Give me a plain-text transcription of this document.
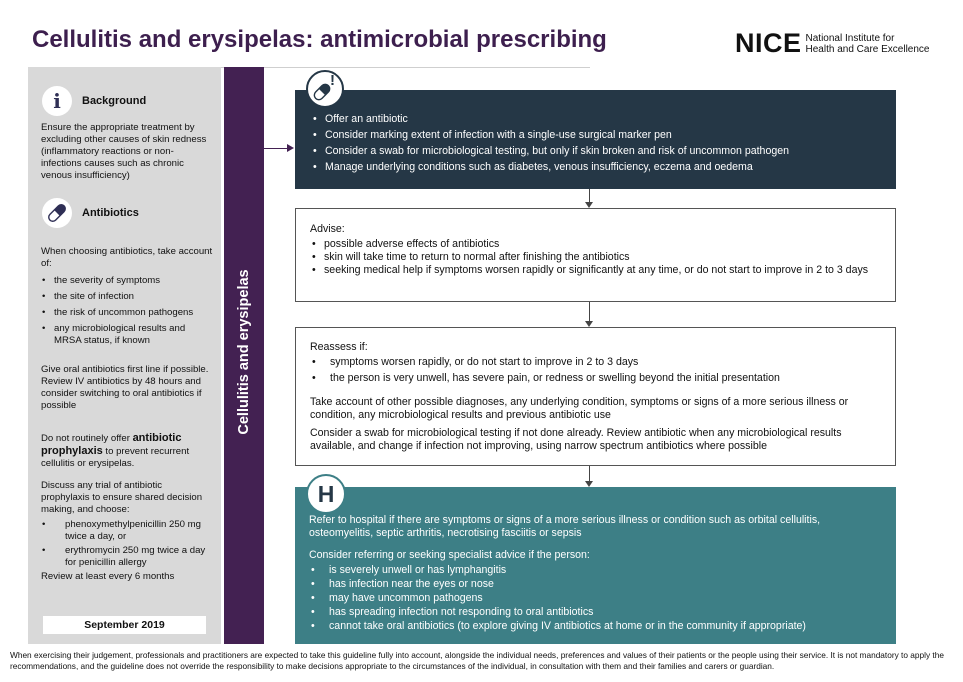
Cellulitis and erysipelas: antimicrobial prescribing	NICE National Institute for
Health and Care Excellence
i Background

Ensure the appropriate treatment by excluding other causes of skin redness (inflammatory reactions or non-infections causes such as chronic venous insufficiency)

Antibiotics

When choosing antibiotics, take account of:

• the severity of symptoms
• the site of infection
• the risk of uncommon pathogens
• any microbiological results and MRSA status, if known

Give oral antibiotics first line if possible. Review IV antibiotics by 48 hours and consider switching to oral antibiotics if possible

Do not routinely offer antibiotic prophylaxis to prevent recurrent cellulitis or erysipelas.

Discuss any trial of antibiotic prophylaxis to ensure shared decision making, and choose:

• phenoxymethylpenicillin 250 mg twice a day, or
• erythromycin 250 mg twice a day for penicillin allergy

Review at least every 6 months

September 2019
Cellulitis and erysipelas
• Offer an antibiotic
• Consider marking extent of infection with a single-use surgical marker pen
• Consider a swab for microbiological testing, but only if skin broken and risk of uncommon pathogen
• Manage underlying conditions such as diabetes, venous insufficiency, eczema and oedema
!

Advise:

• possible adverse effects of antibiotics
• skin will take time to return to normal after finishing the antibiotics
• seeking medical help if symptoms worsen rapidly or significantly at any time, or do not start to improve in 2 to 3 days

Reassess if:

• symptoms worsen rapidly, or do not start to improve in 2 to 3 days
• the person is very unwell, has severe pain, or redness or swelling beyond the initial presentation

Take account of other possible diagnoses, any underlying condition, symptoms or signs of a more serious illness or condition, any microbiological results and previous antibiotic use

Consider a swab for microbiological testing if not done already. Review antibiotic when any microbiological results available, and change if infection not improving, using narrow spectrum antibiotics where possible

Refer to hospital if there are symptoms or signs of a more serious illness or condition such as orbital cellulitis, osteomyelitis, septic arthritis, necrotising fasciitis or sepsis

Consider referring or seeking specialist advice if the person:

• is severely unwell or has lymphangitis
• has infection near the eyes or nose
• may have uncommon pathogens
• has spreading infection not responding to oral antibiotics
• cannot take oral antibiotics (to explore giving IV antibiotics at home or in the community if appropriate)
H
When exercising their judgement, professionals and practitioners are expected to take this guideline fully into account, alongside the individual needs, preferences and values of their patients or the people using their service. It is not mandatory to apply the recommendations, and the guideline does not override the responsibility to make decisions appropriate to the circumstances of the individual, in consultation with them and their families and carers or guardian.
